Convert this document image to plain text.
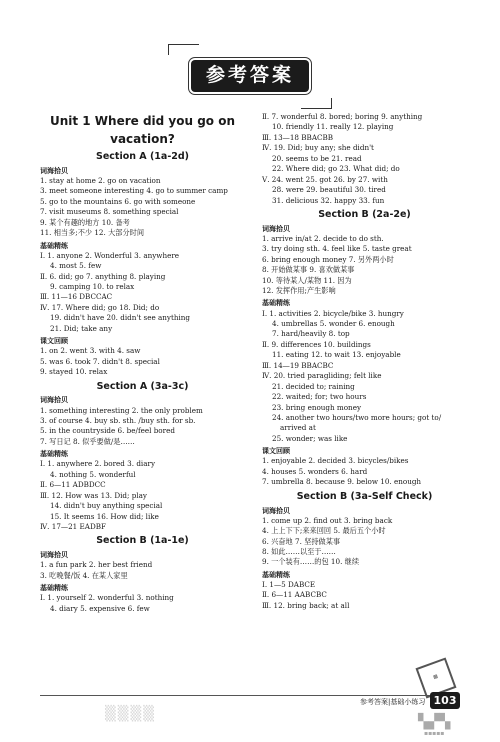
参考答案
Unit 1 Where did you go on
vacation?
Section A (1a-2d)
词海拾贝
1. stay at home 2. go on vacation
3. meet someone interesting 4. go to summer camp
5. go to the mountains 6. go with someone
7. visit museums 8. something special
9. 某个有趣的地方 10. 备考
11. 相当多;不少 12. 大部分时间
基础精练
Ⅰ. 1. anyone 2. Wonderful 3. anywhere
4. most 5. few
Ⅱ. 6. did; go 7. anything 8. playing
9. camping 10. to relax
Ⅲ. 11—16 DBCCAC
Ⅳ. 17. Where did; go 18. Did; do
19. didn't have 20. didn't see anything
21. Did; take any
课文回顾
1. on 2. went 3. with 4. saw
5. was 6. took 7. didn't 8. special
9. stayed 10. relax
Section A (3a-3c)
词海拾贝
1. something interesting 2. the only problem
3. of course 4. buy sb. sth. /buy sth. for sb.
5. in the countryside 6. be/feel bored
7. 写日记 8. 似乎要做/是……
基础精练
Ⅰ. 1. anywhere 2. bored 3. diary
4. nothing 5. wonderful
Ⅱ. 6—11 ADBDCC
Ⅲ. 12. How was 13. Did; play
14. didn't buy anything special
15. It seems 16. How did; like
Ⅳ. 17—21 EADBF
Section B (1a-1e)
词海拾贝
1. a fun park 2. her best friend
3. 吃晚餐/饭 4. 在某人家里
基础精练
Ⅰ. 1. yourself 2. wonderful 3. nothing
4. diary 5. expensive 6. few
Ⅱ. 7. wonderful 8. bored; boring 9. anything
10. friendly 11. really 12. playing
Ⅲ. 13—18 BBACBB
Ⅳ. 19. Did; buy any; she didn't
20. seems to be 21. read
22. Where did; go 23. What did; do
Ⅴ. 24. went 25. got 26. by 27. with
28. were 29. beautiful 30. tired
31. delicious 32. happy 33. fun
Section B (2a-2e)
词海拾贝
1. arrive in/at 2. decide to do sth.
3. try doing sth. 4. feel like 5. taste great
6. bring enough money 7. 另外两小时
8. 开始做某事 9. 喜欢做某事
10. 等待某人/某物 11. 因为
12. 发挥作用;产生影响
基础精练
Ⅰ. 1. activities 2. bicycle/bike 3. hungry
4. umbrellas 5. wonder 6. enough
7. hard/heavily 8. top
Ⅱ. 9. differences 10. buildings
11. eating 12. to wait 13. enjoyable
Ⅲ. 14—19 BBACBC
Ⅳ. 20. tried paragliding; felt like
21. decided to; raining
22. waited; for; two hours
23. bring enough money
24. another two hours/two more hours; got to/
arrived at
25. wonder; was like
课文回顾
1. enjoyable 2. decided 3. bicycles/bikes
4. houses 5. wonders 6. hard
7. umbrella 8. because 9. below 10. enough
Section B (3a-Self Check)
词海拾贝
1. come up 2. find out 3. bring back
4. 上上下下;来来回回 5. 最后五个小时
6. 兴奋地 7. 坚持做某事
8. 如此……以至于……
9. 一个装有……的包 10. 继续
基础精练
Ⅰ. 1—5 DABCE
Ⅱ. 6—11 AABCBC
Ⅲ. 12. bring back; at all
▒▒▒▒
▦
参考答案|基础小练习 103
▚▞▚
▪▪▪▪▪
